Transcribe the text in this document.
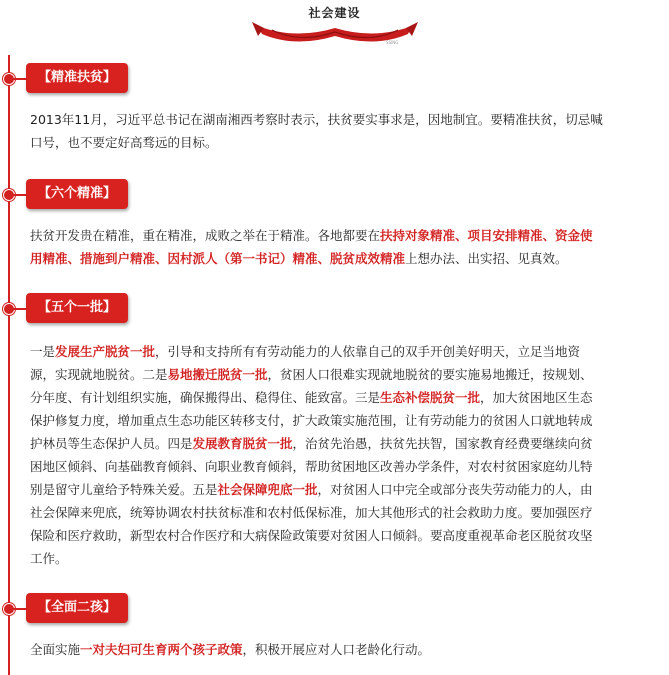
社会建设
SSING
【精准扶贫】
2013年11月，习近平总书记在湖南湘西考察时表示，扶贫要实事求是，因地制宜。要精准扶贫，切忌喊
口号，也不要定好高骛远的目标。
【六个精准】
扶贫开发贵在精准，重在精准，成败之举在于精准。各地都要在扶持对象精准、项目安排精准、资金使
用精准、措施到户精准、因村派人（第一书记）精准、脱贫成效精准上想办法、出实招、见真效。
【五个一批】
一是发展生产脱贫一批，引导和支持所有有劳动能力的人依靠自己的双手开创美好明天，立足当地资
源，实现就地脱贫。二是易地搬迁脱贫一批，贫困人口很难实现就地脱贫的要实施易地搬迁，按规划、
分年度、有计划组织实施，确保搬得出、稳得住、能致富。三是生态补偿脱贫一批，加大贫困地区生态
保护修复力度，增加重点生态功能区转移支付，扩大政策实施范围，让有劳动能力的贫困人口就地转成
护林员等生态保护人员。四是发展教育脱贫一批，治贫先治愚，扶贫先扶智，国家教育经费要继续向贫
困地区倾斜、向基础教育倾斜、向职业教育倾斜，帮助贫困地区改善办学条件，对农村贫困家庭幼儿特
别是留守儿童给予特殊关爱。五是社会保障兜底一批，对贫困人口中完全或部分丧失劳动能力的人，由
社会保障来兜底，统筹协调农村扶贫标准和农村低保标准，加大其他形式的社会救助力度。要加强医疗
保险和医疗救助，新型农村合作医疗和大病保险政策要对贫困人口倾斜。要高度重视革命老区脱贫攻坚
工作。
【全面二孩】
全面实施一对夫妇可生育两个孩子政策，积极开展应对人口老龄化行动。
